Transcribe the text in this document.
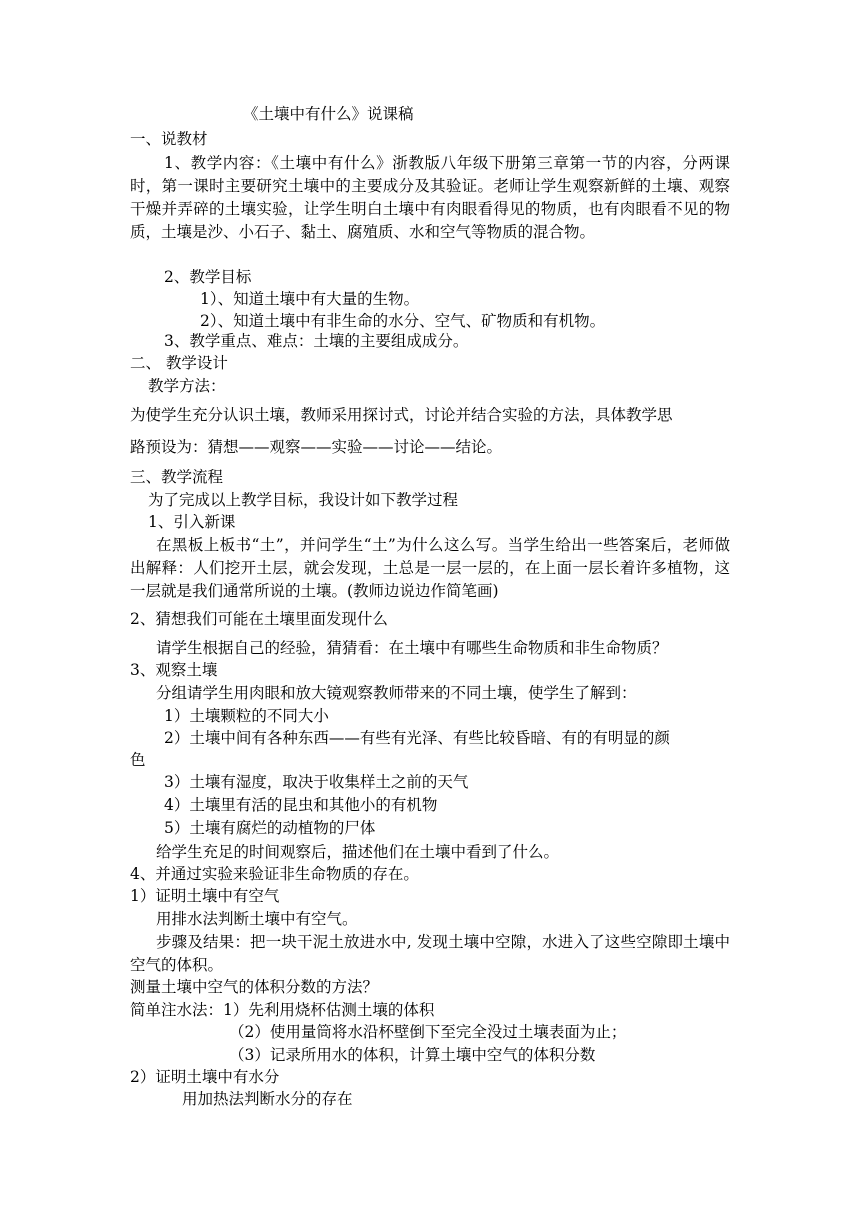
《土壤中有什么》说课稿
一、说教材
1、教学内容：《土壤中有什么》浙教版八年级下册第三章第一节的内容，分两课时，第一课时主要研究土壤中的主要成分及其验证。老师让学生观察新鲜的土壤、观察干燥并弄碎的土壤实验，让学生明白土壤中有肉眼看得见的物质，也有肉眼看不见的物质，土壤是沙、小石子、黏土、腐殖质、水和空气等物质的混合物。
2、教学目标
1）、知道土壤中有大量的生物。
2）、知道土壤中有非生命的水分、空气、矿物质和有机物。
3、教学重点、难点：土壤的主要组成成分。
二、 教学设计
教学方法：
为使学生充分认识土壤，教师采用探讨式，讨论并结合实验的方法，具体教学思
路预设为：猜想——观察——实验——讨论——结论。
三、教学流程
为了完成以上教学目标，我设计如下教学过程
1、引入新课
在黑板上板书“土”，并问学生“土”为什么这么写。当学生给出一些答案后，老师做出解释：人们挖开土层，就会发现，土总是一层一层的，在上面一层长着许多植物，这一层就是我们通常所说的土壤。(教师边说边作简笔画)
2、猜想我们可能在土壤里面发现什么
请学生根据自己的经验，猜猜看：在土壤中有哪些生命物质和非生命物质？
3、观察土壤
分组请学生用肉眼和放大镜观察教师带来的不同土壤，使学生了解到：
1）土壤颗粒的不同大小
2）土壤中间有各种东西——有些有光泽、有些比较昏暗、有的有明显的颜
色
3）土壤有湿度，取决于收集样土之前的天气
4）土壤里有活的昆虫和其他小的有机物
5）土壤有腐烂的动植物的尸体
给学生充足的时间观察后，描述他们在土壤中看到了什么。
4、并通过实验来验证非生命物质的存在。
1）证明土壤中有空气
用排水法判断土壤中有空气。
步骤及结果：把一块干泥土放进水中, 发现土壤中空隙，水进入了这些空隙即土壤中空气的体积。
测量土壤中空气的体积分数的方法？
简单注水法：1）先利用烧杯估测土壤的体积
（2）使用量筒将水沿杯壁倒下至完全没过土壤表面为止；
（3）记录所用水的体积，计算土壤中空气的体积分数
2）证明土壤中有水分
用加热法判断水分的存在
